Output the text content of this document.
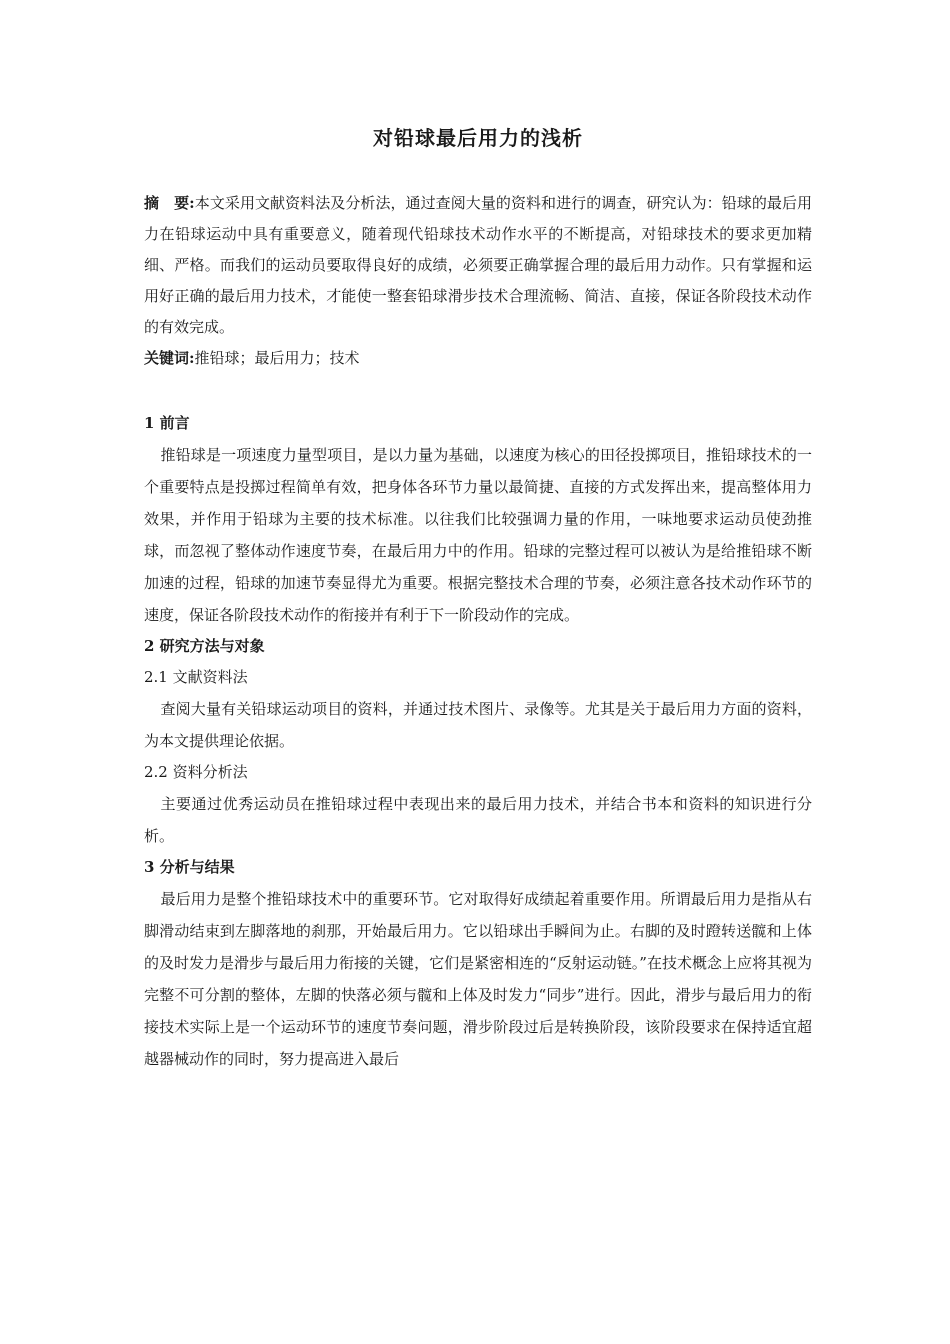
对铅球最后用力的浅析
摘　要:本文采用文献资料法及分析法，通过查阅大量的资料和进行的调查，研究认为：铅球的最后用力在铅球运动中具有重要意义，随着现代铅球技术动作水平的不断提高，对铅球技术的要求更加精细、严格。而我们的运动员要取得良好的成绩，必须要正确掌握合理的最后用力动作。只有掌握和运用好正确的最后用力技术，才能使一整套铅球滑步技术合理流畅、简洁、直接，保证各阶段技术动作的有效完成。
关键词:推铅球；最后用力；技术

1 前言

推铅球是一项速度力量型项目，是以力量为基础，以速度为核心的田径投掷项目，推铅球技术的一个重要特点是投掷过程简单有效，把身体各环节力量以最简捷、直接的方式发挥出来，提高整体用力效果，并作用于铅球为主要的技术标准。以往我们比较强调力量的作用，一味地要求运动员使劲推球，而忽视了整体动作速度节奏，在最后用力中的作用。铅球的完整过程可以被认为是给推铅球不断加速的过程，铅球的加速节奏显得尤为重要。根据完整技术合理的节奏，必须注意各技术动作环节的速度，保证各阶段技术动作的衔接并有利于下一阶段动作的完成。

2 研究方法与对象

2.1 文献资料法

查阅大量有关铅球运动项目的资料，并通过技术图片、录像等。尤其是关于最后用力方面的资料，为本文提供理论依据。

2.2 资料分析法

主要通过优秀运动员在推铅球过程中表现出来的最后用力技术，并结合书本和资料的知识进行分析。

3 分析与结果

最后用力是整个推铅球技术中的重要环节。它对取得好成绩起着重要作用。所谓最后用力是指从右脚滑动结束到左脚落地的刹那，开始最后用力。它以铅球出手瞬间为止。右脚的及时蹬转送髋和上体的及时发力是滑步与最后用力衔接的关键，它们是紧密相连的“反射运动链。”在技术概念上应将其视为完整不可分割的整体，左脚的快落必须与髋和上体及时发力“同步”进行。因此，滑步与最后用力的衔接技术实际上是一个运动环节的速度节奏问题，滑步阶段过后是转换阶段，该阶段要求在保持适宜超越器械动作的同时，努力提高进入最后
